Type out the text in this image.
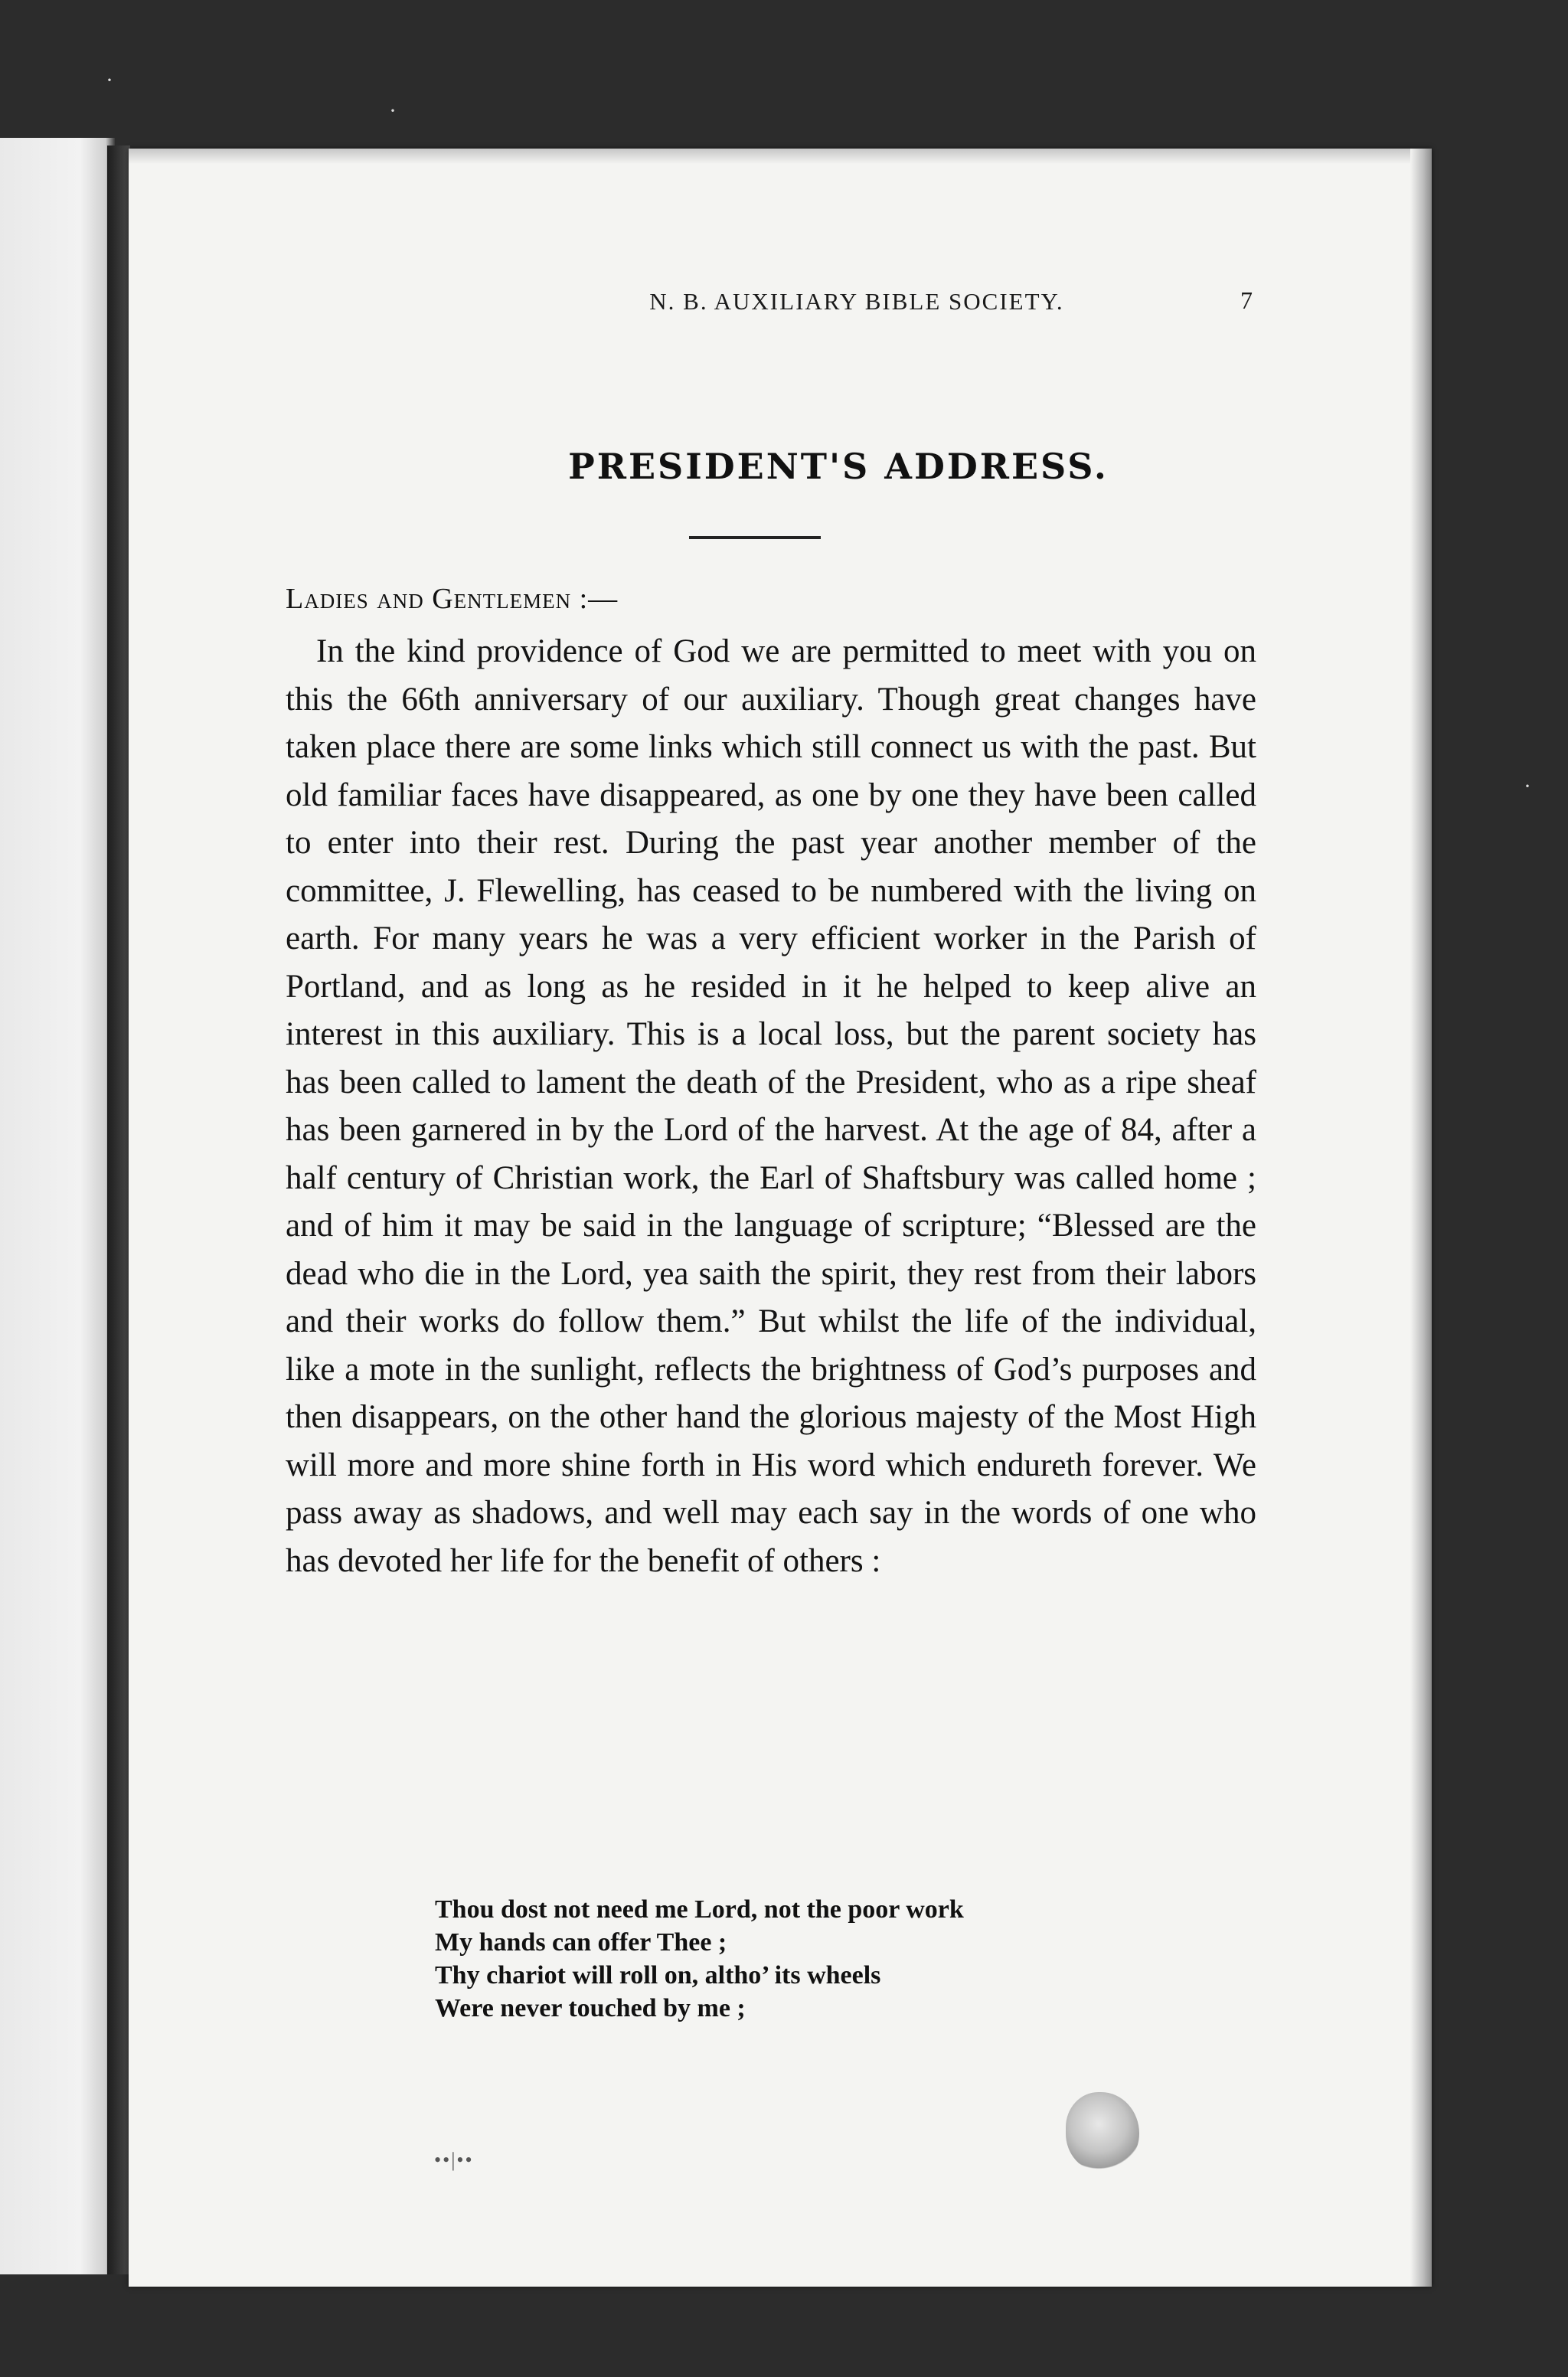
N. B. AUXILIARY BIBLE SOCIETY.	7
PRESIDENT'S ADDRESS.
Ladies and Gentlemen :—

In the kind providence of God we are permitted to meet with you on this the 66th anniversary of our auxiliary. Though great changes have taken place there are some links which still connect us with the past. But old familiar faces have disappeared, as one by one they have been called to enter into their rest. During the past year another member of the committee, J. Flewelling, has ceased to be numbered with the living on earth. For many years he was a very efficient worker in the Parish of Portland, and as long as he resided in it he helped to keep alive an interest in this auxiliary. This is a local loss, but the parent society has has been called to lament the death of the President, who as a ripe sheaf has been garnered in by the Lord of the harvest. At the age of 84, after a half century of Christian work, the Earl of Shaftsbury was called home ; and of him it may be said in the language of scripture; “Blessed are the dead who die in the Lord, yea saith the spirit, they rest from their labors and their works do follow them.” But whilst the life of the individual, like a mote in the sunlight, reflects the brightness of God’s purposes and then disappears, on the other hand the glorious majesty of the Most High will more and more shine forth in His word which endureth forever. We pass away as shadows, and well may each say in the words of one who has devoted her life for the benefit of others :

Thou dost not need me Lord, not the poor work
My hands can offer Thee ;
Thy chariot will roll on, altho’ its wheels
Were never touched by me ;
••|••
·
·
·
